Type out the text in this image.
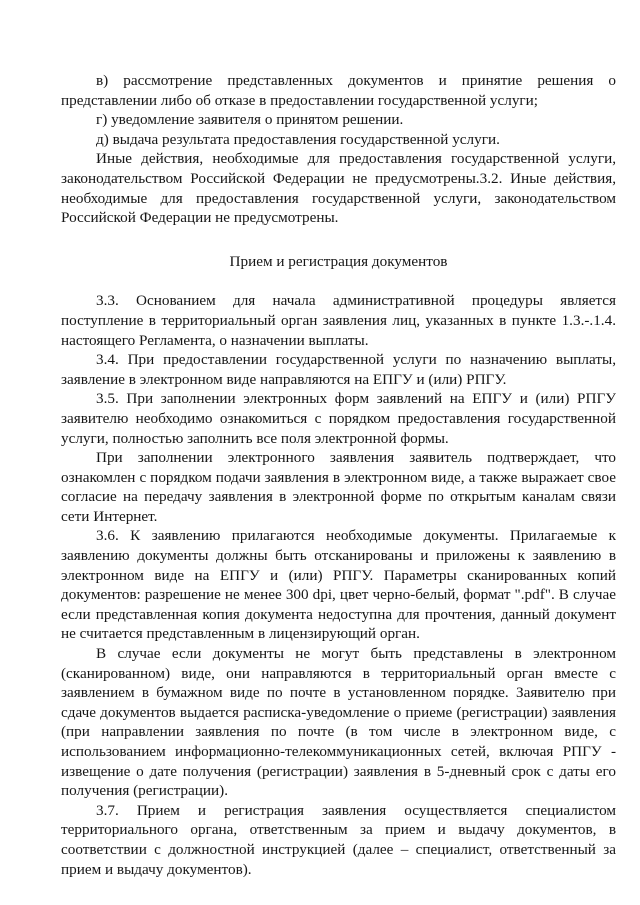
в) рассмотрение представленных документов и принятие решения о представлении либо об отказе в предоставлении государственной услуги;

г) уведомление заявителя о принятом решении.

д) выдача результата предоставления государственной услуги.

Иные действия, необходимые для предоставления государственной услуги, законодательством Российской Федерации не предусмотрены.3.2. Иные действия, необходимые для предоставления государственной услуги, законодательством Российской Федерации не предусмотрены.

Прием и регистрация документов

3.3. Основанием для начала административной процедуры является поступление в территориальный орган заявления лиц, указанных в пункте 1.3.-.1.4. настоящего Регламента, о назначении выплаты.

3.4. При предоставлении государственной услуги по назначению выплаты, заявление в электронном виде направляются на ЕПГУ и (или) РПГУ.

3.5. При заполнении электронных форм заявлений на ЕПГУ и (или) РПГУ заявителю необходимо ознакомиться с порядком предоставления государственной услуги, полностью заполнить все поля электронной формы.

При заполнении электронного заявления заявитель подтверждает, что ознакомлен с порядком подачи заявления в электронном виде, а также выражает свое согласие на передачу заявления в электронной форме по открытым каналам связи сети Интернет.

3.6. К заявлению прилагаются необходимые документы. Прилагаемые к заявлению документы должны быть отсканированы и приложены к заявлению в электронном виде на ЕПГУ и (или) РПГУ. Параметры сканированных копий документов: разрешение не менее 300 dpi, цвет черно-белый, формат ".pdf". В случае если представленная копия документа недоступна для прочтения, данный документ не считается представленным в лицензирующий орган.

В случае если документы не могут быть представлены в электронном (сканированном) виде, они направляются в территориальный орган вместе с заявлением в бумажном виде по почте в установленном порядке. Заявителю при сдаче документов выдается расписка-уведомление о приеме (регистрации) заявления (при направлении заявления по почте (в том числе в электронном виде, с использованием информационно-телекоммуникационных сетей, включая РПГУ - извещение о дате получения (регистрации) заявления в 5-дневный срок с даты его получения (регистрации).

3.7. Прием и регистрация заявления осуществляется специалистом территориального органа, ответственным за прием и выдачу документов, в соответствии с должностной инструкцией (далее – специалист, ответственный за прием и выдачу документов).
